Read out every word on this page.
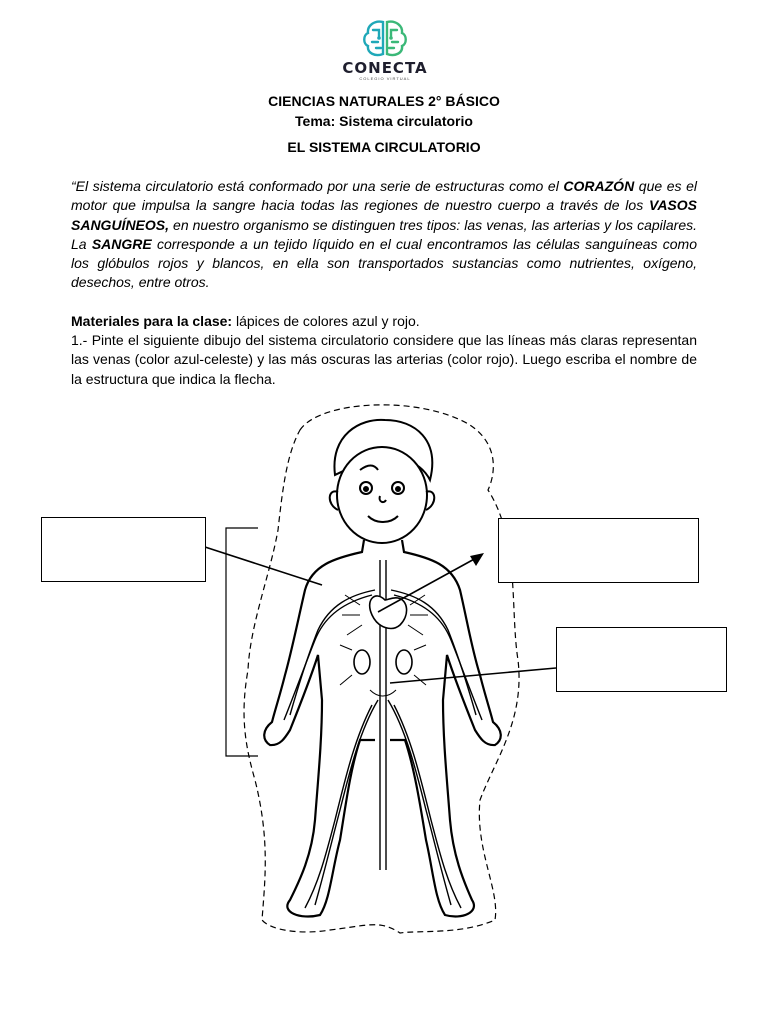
CONECTA
COLEGIO VIRTUAL
CIENCIAS NATURALES 2° BÁSICO
Tema: Sistema circulatorio
EL SISTEMA CIRCULATORIO
“El sistema circulatorio está conformado por una serie de estructuras como el CORAZÓN que es el motor que impulsa la sangre hacia todas las regiones de nuestro cuerpo a través de los VASOS SANGUÍNEOS, en nuestro organismo se distinguen tres tipos: las venas, las arterias y los capilares. La SANGRE corresponde a un tejido líquido en el cual encontramos las células sanguíneas como los glóbulos rojos y blancos, en ella son transportados sustancias como nutrientes, oxígeno, desechos, entre otros.
Materiales para la clase: lápices de colores azul y rojo.
1.- Pinte el siguiente dibujo del sistema circulatorio considere que las líneas más claras representan las venas (color azul-celeste) y las más oscuras las arterias (color rojo). Luego escriba el nombre de la estructura que indica la flecha.
